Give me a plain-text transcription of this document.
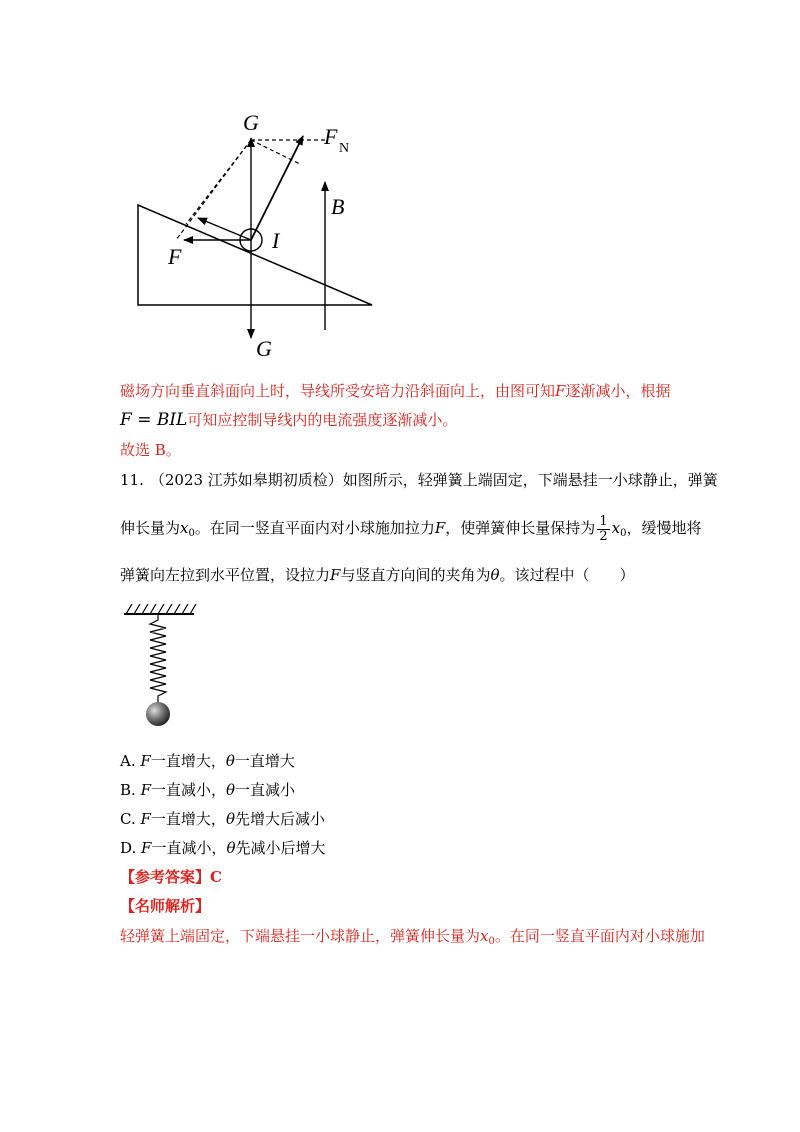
G
F N
B
I
F
G
磁场方向垂直斜面向上时，导线所受安培力沿斜面向上，由图可知F逐渐减小，根据
F = BIL可知应控制导线内的电流强度逐渐减小。
故选 B。
11. （2023 江苏如皋期初质检）如图所示，轻弹簧上端固定，下端悬挂一小球静止，弹簧
伸长量为$x_0$。在同一竖直平面内对小球施加拉力F，使弹簧伸长量保持为 $\frac{1}{2} x_0$，缓慢地将
弹簧向左拉到水平位置，设拉力F与竖直方向间的夹角为θ。该过程中（　　）
A. F一直增大，θ一直增大
B. F一直减小，θ一直减小
C. F一直增大，θ先增大后减小
D. F一直减小，θ先减小后增大
【参考答案】C
【名师解析】
轻弹簧上端固定，下端悬挂一小球静止，弹簧伸长量为$x_0$。在同一竖直平面内对小球施加
